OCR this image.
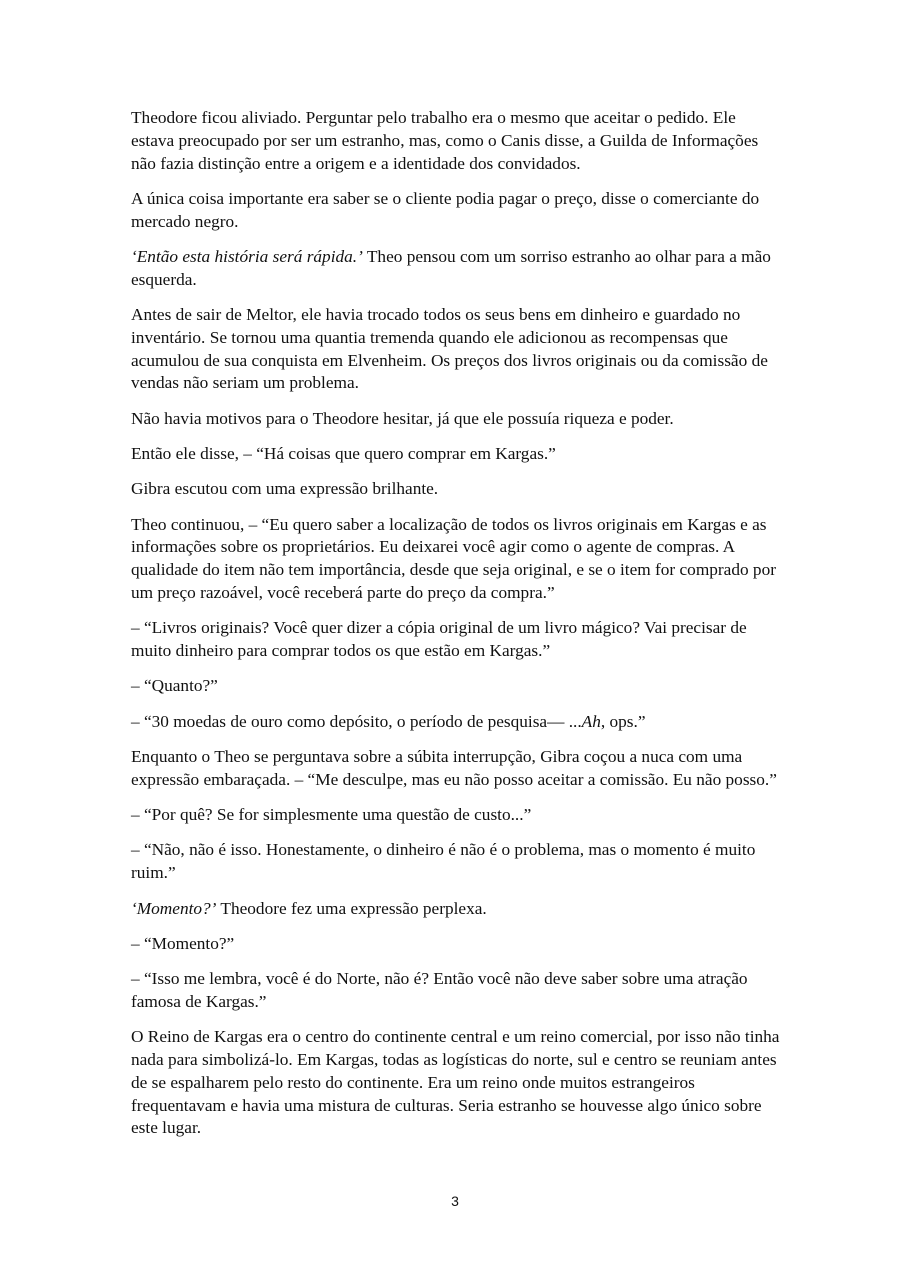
Theodore ficou aliviado. Perguntar pelo trabalho era o mesmo que aceitar o pedido. Ele estava preocupado por ser um estranho, mas, como o Canis disse, a Guilda de Informações não fazia distinção entre a origem e a identidade dos convidados.

A única coisa importante era saber se o cliente podia pagar o preço, disse o comerciante do mercado negro.

‘Então esta história será rápida.’ Theo pensou com um sorriso estranho ao olhar para a mão esquerda.

Antes de sair de Meltor, ele havia trocado todos os seus bens em dinheiro e guardado no inventário. Se tornou uma quantia tremenda quando ele adicionou as recompensas que acumulou de sua conquista em Elvenheim. Os preços dos livros originais ou da comissão de vendas não seriam um problema.

Não havia motivos para o Theodore hesitar, já que ele possuía riqueza e poder.

Então ele disse, – “Há coisas que quero comprar em Kargas.”

Gibra escutou com uma expressão brilhante.

Theo continuou, – “Eu quero saber a localização de todos os livros originais em Kargas e as informações sobre os proprietários. Eu deixarei você agir como o agente de compras. A qualidade do item não tem importância, desde que seja original, e se o item for comprado por um preço razoável, você receberá parte do preço da compra.”

– “Livros originais? Você quer dizer a cópia original de um livro mágico? Vai precisar de muito dinheiro para comprar todos os que estão em Kargas.”

– “Quanto?”

– “30 moedas de ouro como depósito, o período de pesquisa— ...Ah, ops.”

Enquanto o Theo se perguntava sobre a súbita interrupção, Gibra coçou a nuca com uma expressão embaraçada. – “Me desculpe, mas eu não posso aceitar a comissão. Eu não posso.”

– “Por quê? Se for simplesmente uma questão de custo...”

– “Não, não é isso. Honestamente, o dinheiro é não é o problema, mas o momento é muito ruim.”

‘Momento?’ Theodore fez uma expressão perplexa.

– “Momento?”

– “Isso me lembra, você é do Norte, não é? Então você não deve saber sobre uma atração famosa de Kargas.”

O Reino de Kargas era o centro do continente central e um reino comercial, por isso não tinha nada para simbolizá-lo. Em Kargas, todas as logísticas do norte, sul e centro se reuniam antes de se espalharem pelo resto do continente. Era um reino onde muitos estrangeiros frequentavam e havia uma mistura de culturas. Seria estranho se houvesse algo único sobre este lugar.

3
